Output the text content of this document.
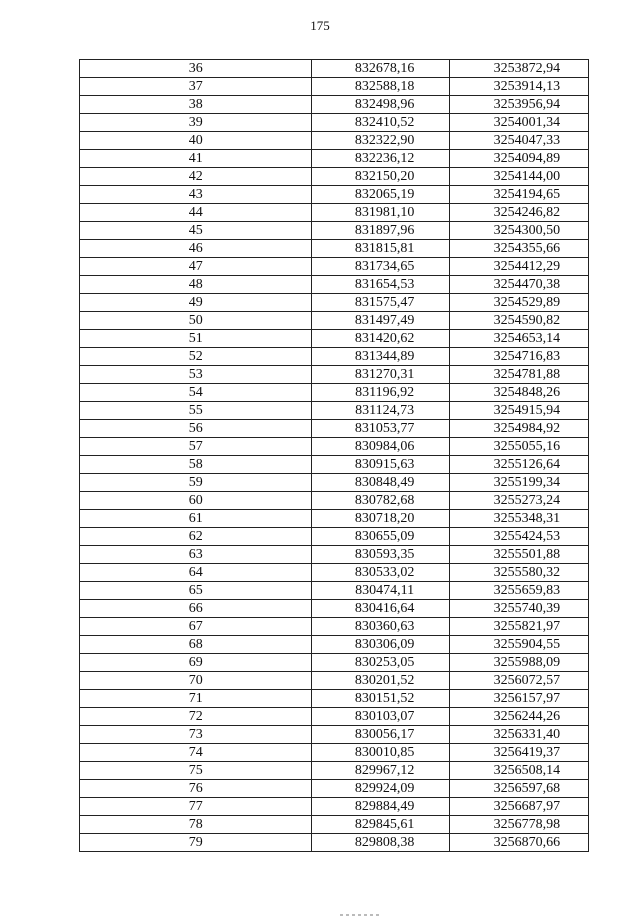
175
36	832678,16	3253872,94
37	832588,18	3253914,13
38	832498,96	3253956,94
39	832410,52	3254001,34
40	832322,90	3254047,33
41	832236,12	3254094,89
42	832150,20	3254144,00
43	832065,19	3254194,65
44	831981,10	3254246,82
45	831897,96	3254300,50
46	831815,81	3254355,66
47	831734,65	3254412,29
48	831654,53	3254470,38
49	831575,47	3254529,89
50	831497,49	3254590,82
51	831420,62	3254653,14
52	831344,89	3254716,83
53	831270,31	3254781,88
54	831196,92	3254848,26
55	831124,73	3254915,94
56	831053,77	3254984,92
57	830984,06	3255055,16
58	830915,63	3255126,64
59	830848,49	3255199,34
60	830782,68	3255273,24
61	830718,20	3255348,31
62	830655,09	3255424,53
63	830593,35	3255501,88
64	830533,02	3255580,32
65	830474,11	3255659,83
66	830416,64	3255740,39
67	830360,63	3255821,97
68	830306,09	3255904,55
69	830253,05	3255988,09
70	830201,52	3256072,57
71	830151,52	3256157,97
72	830103,07	3256244,26
73	830056,17	3256331,40
74	830010,85	3256419,37
75	829967,12	3256508,14
76	829924,09	3256597,68
77	829884,49	3256687,97
78	829845,61	3256778,98
79	829808,38	3256870,66
